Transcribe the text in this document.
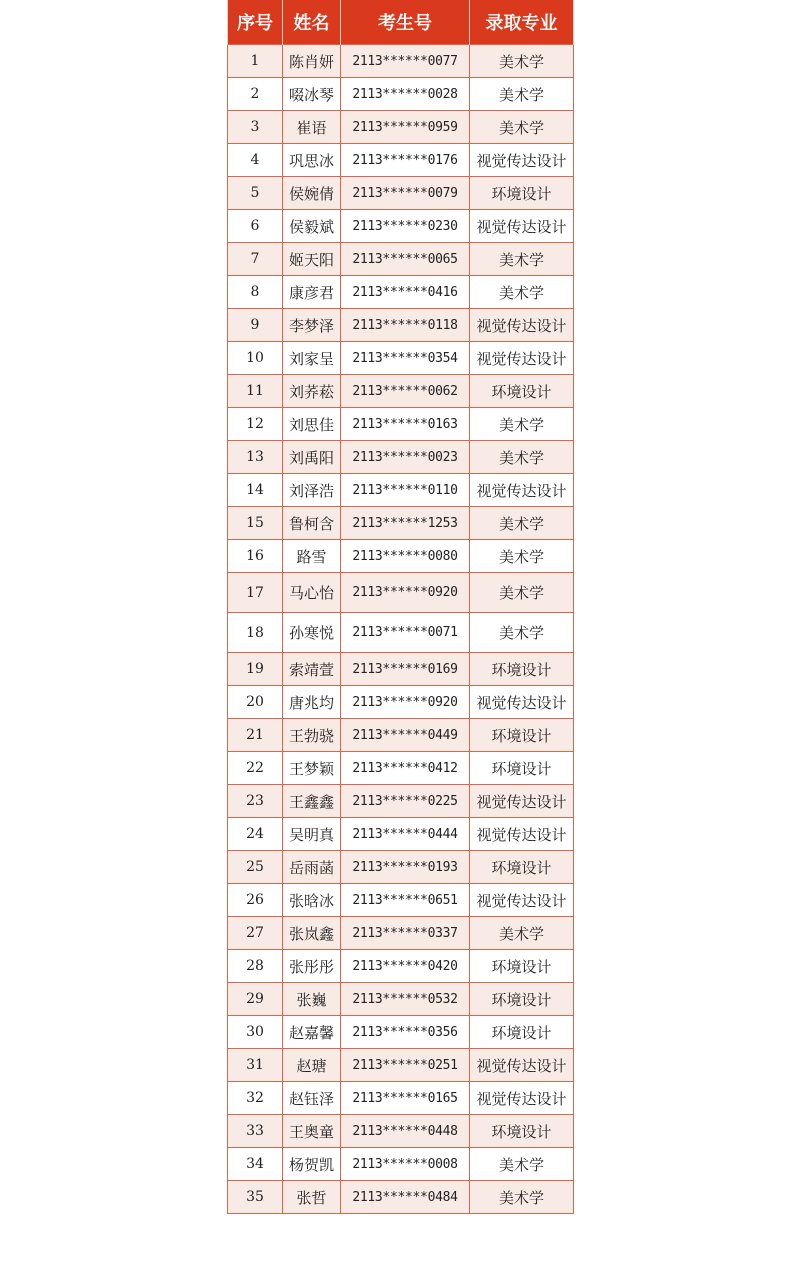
序号	姓名	考生号	录取专业
1	陈肖妍	2113******0077	美术学
2	啜冰琴	2113******0028	美术学
3	崔语	2113******0959	美术学
4	巩思冰	2113******0176	视觉传达设计
5	侯婉倩	2113******0079	环境设计
6	侯毅斌	2113******0230	视觉传达设计
7	姬天阳	2113******0065	美术学
8	康彦君	2113******0416	美术学
9	李梦泽	2113******0118	视觉传达设计
10	刘家呈	2113******0354	视觉传达设计
11	刘荞菘	2113******0062	环境设计
12	刘思佳	2113******0163	美术学
13	刘禹阳	2113******0023	美术学
14	刘泽浩	2113******0110	视觉传达设计
15	鲁柯含	2113******1253	美术学
16	路雪	2113******0080	美术学
17	马心怡	2113******0920	美术学
18	孙寒悦	2113******0071	美术学
19	索靖萱	2113******0169	环境设计
20	唐兆均	2113******0920	视觉传达设计
21	王勃骁	2113******0449	环境设计
22	王梦颖	2113******0412	环境设计
23	王鑫鑫	2113******0225	视觉传达设计
24	吴明真	2113******0444	视觉传达设计
25	岳雨菡	2113******0193	环境设计
26	张晗冰	2113******0651	视觉传达设计
27	张岚鑫	2113******0337	美术学
28	张彤彤	2113******0420	环境设计
29	张巍	2113******0532	环境设计
30	赵嘉馨	2113******0356	环境设计
31	赵瑭	2113******0251	视觉传达设计
32	赵钰泽	2113******0165	视觉传达设计
33	王奥童	2113******0448	环境设计
34	杨贺凯	2113******0008	美术学
35	张哲	2113******0484	美术学
